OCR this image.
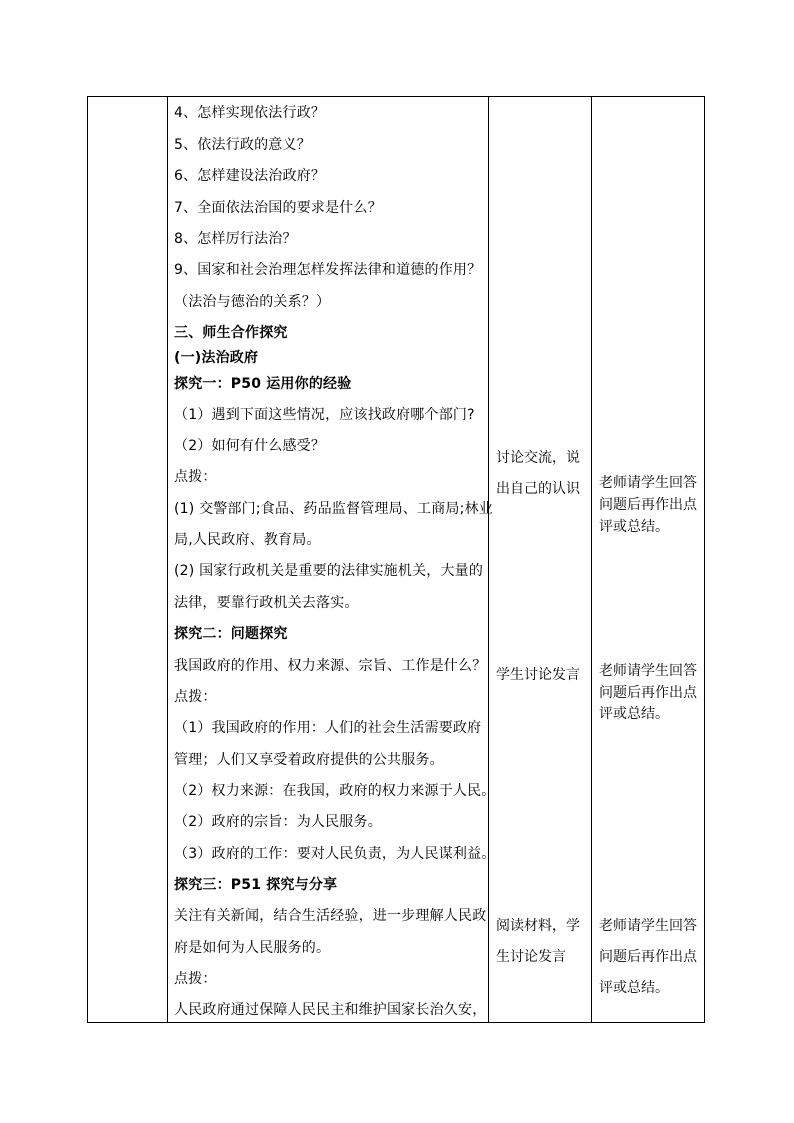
4、怎样实现依法行政？
5、依法行政的意义？
6、怎样建设法治政府？
7、全面依法治国的要求是什么？
8、怎样厉行法治？
9、国家和社会治理怎样发挥法律和道德的作用？
（法治与德治的关系？）
三、师生合作探究
(一)法治政府
探究一：P50 运用你的经验
（1）遇到下面这些情况，应该找政府哪个部门?
（2）如何有什么感受？
点拨：
(1) 交警部门;食品、药品监督管理局、工商局;林业
局,人民政府、教育局。
(2) 国家行政机关是重要的法律实施机关，大量的
法律，要靠行政机关去落实。
探究二：问题探究
我国政府的作用、权力来源、宗旨、工作是什么？
点拨：
（1）我国政府的作用：人们的社会生活需要政府
管理；人们又享受着政府提供的公共服务。
（2）权力来源：在我国，政府的权力来源于人民。
（2）政府的宗旨：为人民服务。
（3）政府的工作：要对人民负责，为人民谋利益。
探究三：P51 探究与分享
关注有关新闻，结合生活经验，进一步理解人民政
府是如何为人民服务的。
点拨：
人民政府通过保障人民民主和维护国家长治久安，
讨论交流，说
出自己的认识
学生讨论发言
阅读材料，学
生讨论发言
老师请学生回答
问题后再作出点
评或总结。
老师请学生回答
问题后再作出点
评或总结。
老师请学生回答
问题后再作出点
评或总结。
